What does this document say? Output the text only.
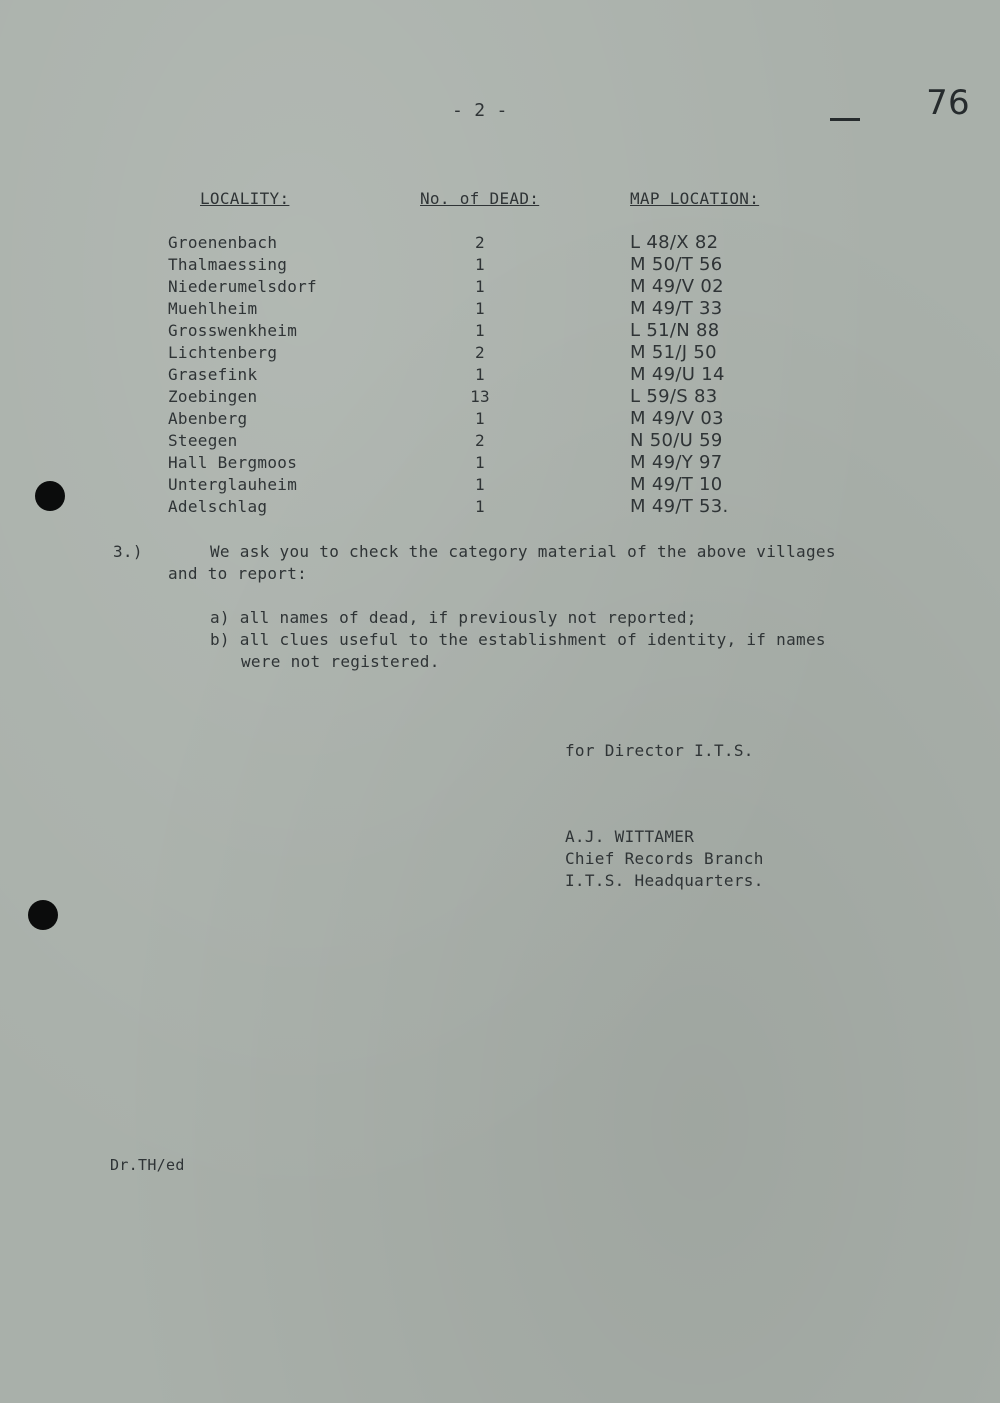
- 2 -	76
LOCALITY:	No. of DEAD:	MAP LOCATION:
Groenenbach	2	L 48/X 82
Thalmaessing	1	M 50/T 56
Niederumelsdorf	1	M 49/V 02
Muehlheim	1	M 49/T 33
Grosswenkheim	1	L 51/N 88
Lichtenberg	2	M 51/J 50
Grasefink	1	M 49/U 14
Zoebingen	13	L 59/S 83
Abenberg	1	M 49/V 03
Steegen	2	N 50/U 59
Hall Bergmoos	1	M 49/Y 97
Unterglauheim	1	M 49/T 10
Adelschlag	1	M 49/T 53.
3.)	We ask you to check the category material of the above villages
and to report:
a) all names of dead, if previously not reported;
b) all clues useful to the establishment of identity, if names
were not registered.
for Director I.T.S.
A.J. WITTAMER
Chief Records Branch
I.T.S. Headquarters.
Dr.TH/ed
